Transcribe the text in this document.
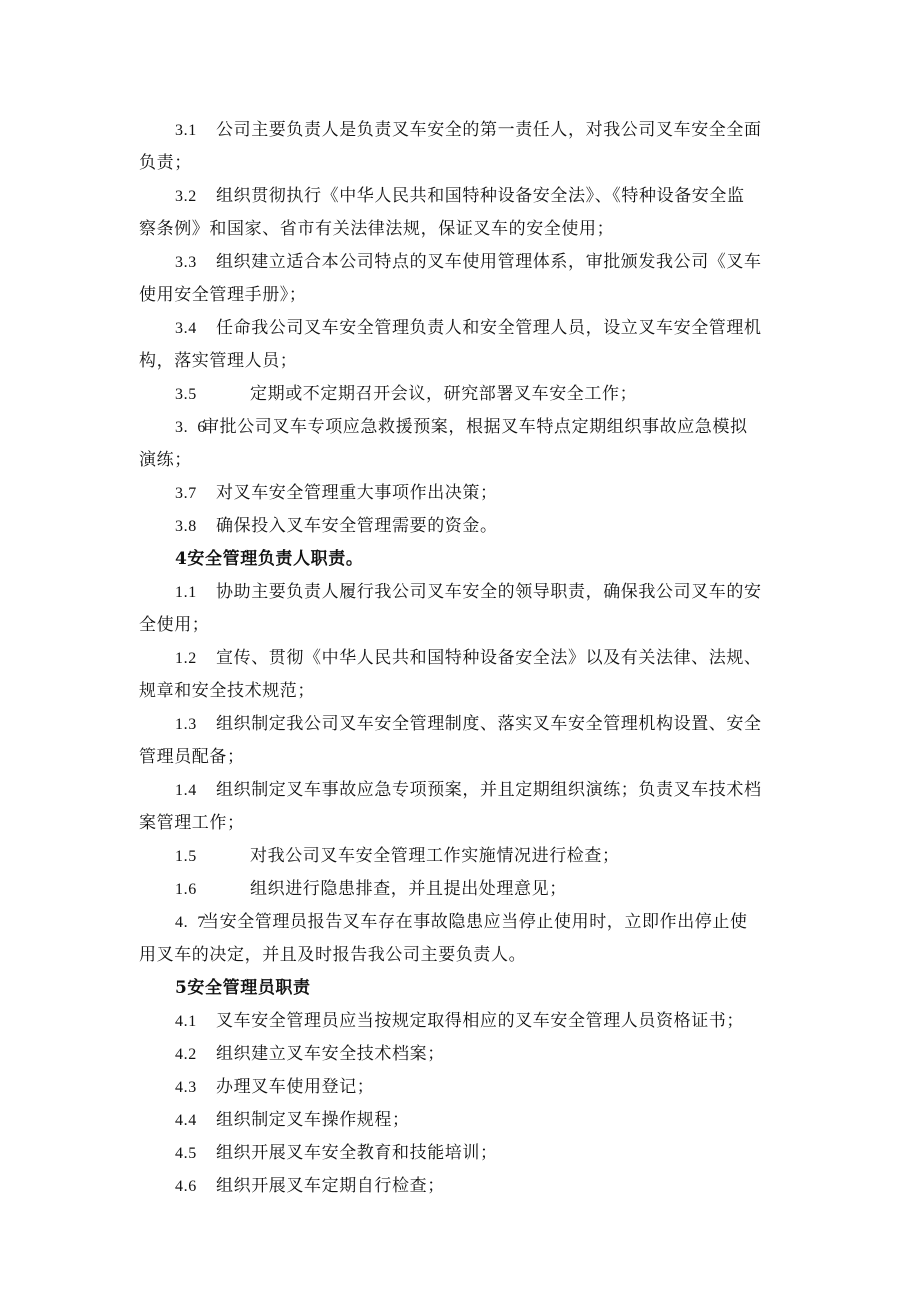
3.1 公司主要负责人是负责叉车安全的第一责任人，对我公司叉车安全全面
负责；
3.2 组织贯彻执行《中华人民共和国特种设备安全法》、《特种设备安全监
察条例》和国家、省市有关法律法规，保证叉车的安全使用；
3.3 组织建立适合本公司特点的叉车使用管理体系，审批颁发我公司《叉车
使用安全管理手册》；
3.4 任命我公司叉车安全管理负责人和安全管理人员，设立叉车安全管理机
构，落实管理人员；
3.5	定期或不定期召开会议，研究部署叉车安全工作；
3.  6审批公司叉车专项应急救援预案，根据叉车特点定期组织事故应急模拟
演练；
3.7 对叉车安全管理重大事项作出决策；
3.8 确保投入叉车安全管理需要的资金。
4安全管理负责人职责。
1.1 协助主要负责人履行我公司叉车安全的领导职责，确保我公司叉车的安
全使用；
1.2 宣传、贯彻《中华人民共和国特种设备安全法》以及有关法律、法规、
规章和安全技术规范；
1.3 组织制定我公司叉车安全管理制度、落实叉车安全管理机构设置、安全
管理员配备；
1.4 组织制定叉车事故应急专项预案，并且定期组织演练；负责叉车技术档
案管理工作；
1.5	对我公司叉车安全管理工作实施情况进行检查；
1.6	组织进行隐患排查，并且提出处理意见；
4.  7当安全管理员报告叉车存在事故隐患应当停止使用时，立即作出停止使
用叉车的决定，并且及时报告我公司主要负责人。
5安全管理员职责
4.1 叉车安全管理员应当按规定取得相应的叉车安全管理人员资格证书；
4.2 组织建立叉车安全技术档案；
4.3 办理叉车使用登记；
4.4 组织制定叉车操作规程；
4.5 组织开展叉车安全教育和技能培训；
4.6 组织开展叉车定期自行检查；
